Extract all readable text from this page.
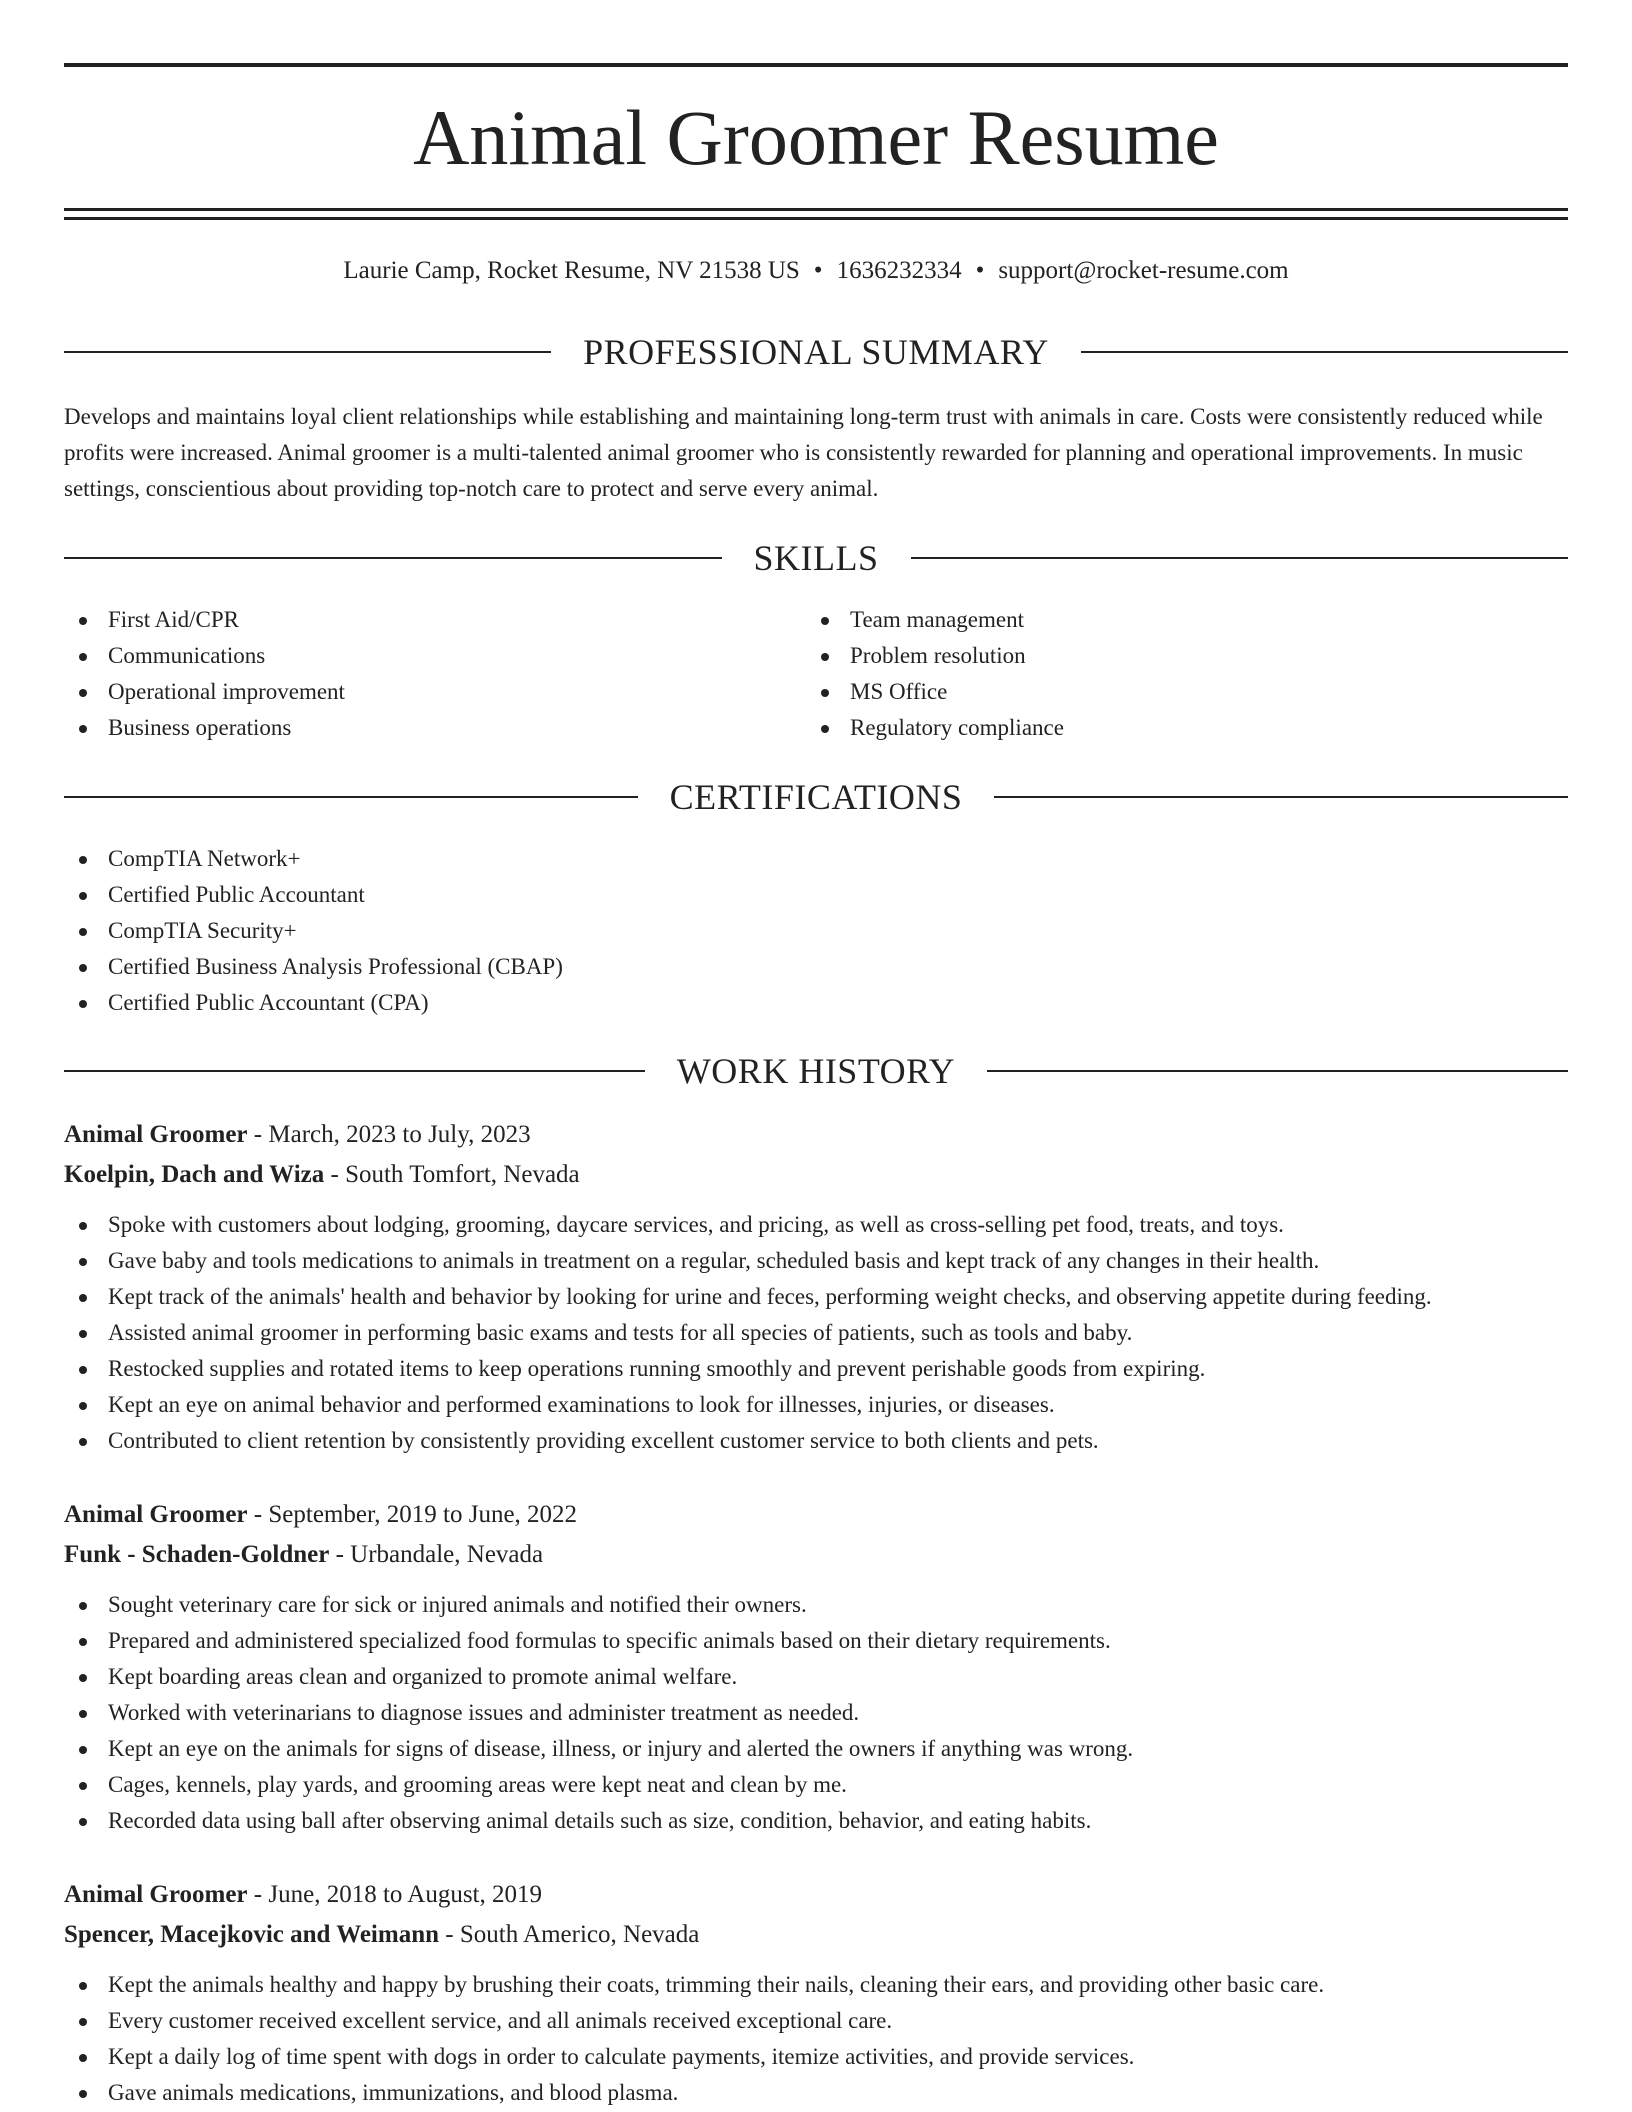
Animal Groomer Resume
Laurie Camp, Rocket Resume, NV 21538 US • 1636232334 • support@rocket-resume.com
PROFESSIONAL SUMMARY

Develops and maintains loyal client relationships while establishing and maintaining long-term trust with animals in care. Costs were consistently reduced while profits were increased. Animal groomer is a multi-talented animal groomer who is consistently rewarded for planning and operational improvements. In music settings, conscientious about providing top-notch care to protect and serve every animal.

SKILLS
First Aid/CPR
Communications
Operational improvement
Business operations
Team management
Problem resolution
MS Office
Regulatory compliance
CERTIFICATIONS
CompTIA Network+
Certified Public Accountant
CompTIA Security+
Certified Business Analysis Professional (CBAP)
Certified Public Accountant (CPA)
WORK HISTORY
Animal Groomer - March, 2023 to July, 2023
Koelpin, Dach and Wiza - South Tomfort, Nevada
Spoke with customers about lodging, grooming, daycare services, and pricing, as well as cross-selling pet food, treats, and toys.
Gave baby and tools medications to animals in treatment on a regular, scheduled basis and kept track of any changes in their health.
Kept track of the animals' health and behavior by looking for urine and feces, performing weight checks, and observing appetite during feeding.
Assisted animal groomer in performing basic exams and tests for all species of patients, such as tools and baby.
Restocked supplies and rotated items to keep operations running smoothly and prevent perishable goods from expiring.
Kept an eye on animal behavior and performed examinations to look for illnesses, injuries, or diseases.
Contributed to client retention by consistently providing excellent customer service to both clients and pets.
Animal Groomer - September, 2019 to June, 2022
Funk - Schaden-Goldner - Urbandale, Nevada
Sought veterinary care for sick or injured animals and notified their owners.
Prepared and administered specialized food formulas to specific animals based on their dietary requirements.
Kept boarding areas clean and organized to promote animal welfare.
Worked with veterinarians to diagnose issues and administer treatment as needed.
Kept an eye on the animals for signs of disease, illness, or injury and alerted the owners if anything was wrong.
Cages, kennels, play yards, and grooming areas were kept neat and clean by me.
Recorded data using ball after observing animal details such as size, condition, behavior, and eating habits.
Animal Groomer - June, 2018 to August, 2019
Spencer, Macejkovic and Weimann - South Americo, Nevada
Kept the animals healthy and happy by brushing their coats, trimming their nails, cleaning their ears, and providing other basic care.
Every customer received excellent service, and all animals received exceptional care.
Kept a daily log of time spent with dogs in order to calculate payments, itemize activities, and provide services.
Gave animals medications, immunizations, and blood plasma.
